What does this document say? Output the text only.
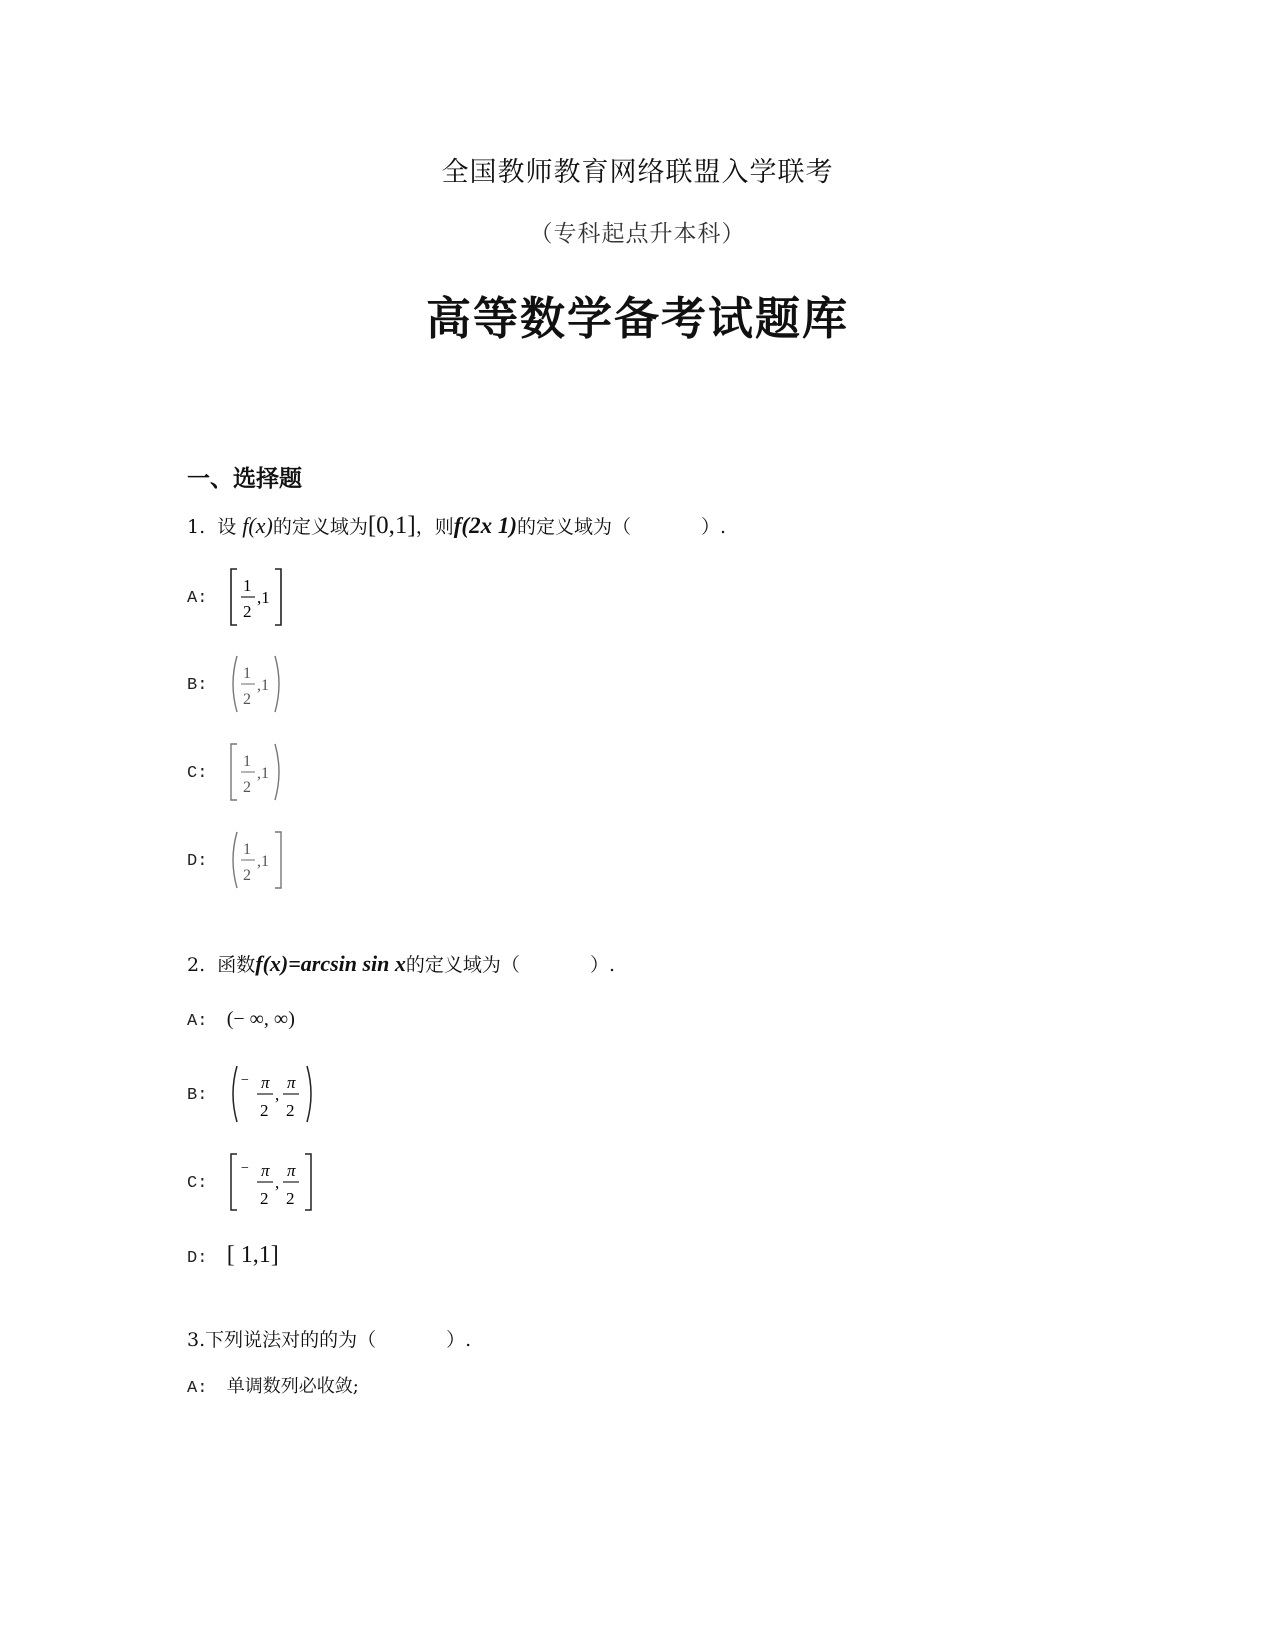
全国教师教育网络联盟入学联考
（专科起点升本科）
高等数学备考试题库
一、选择题
1. 设 f(x)的定义域为[0,1]，则f(2x 1)的定义域为（	）.
A:
1
2
,1
B:
1
2
,1
C:
1
2
,1
D:
1
2
,1
2. 函数f(x)=arcsin sin x的定义域为（	）.
A: (− ∞, ∞)
B:
− π
2
,
π
2
C:
− π
2
,
π
2
D: [ 1,1]
3.下列说法对的的为（	）.
A: 单调数列必收敛;
